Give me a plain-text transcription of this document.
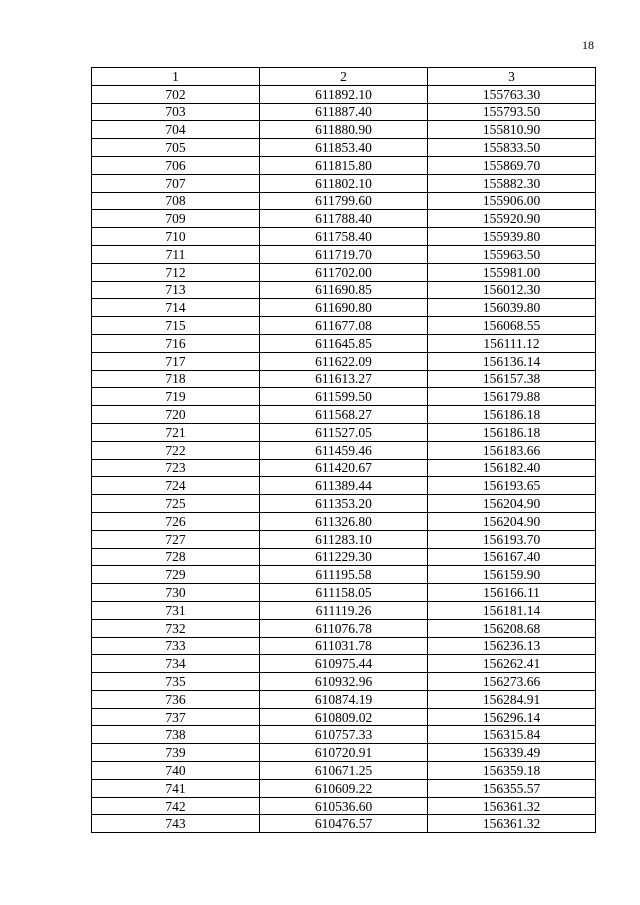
18
1	2	3
702	611892.10	155763.30
703	611887.40	155793.50
704	611880.90	155810.90
705	611853.40	155833.50
706	611815.80	155869.70
707	611802.10	155882.30
708	611799.60	155906.00
709	611788.40	155920.90
710	611758.40	155939.80
711	611719.70	155963.50
712	611702.00	155981.00
713	611690.85	156012.30
714	611690.80	156039.80
715	611677.08	156068.55
716	611645.85	156111.12
717	611622.09	156136.14
718	611613.27	156157.38
719	611599.50	156179.88
720	611568.27	156186.18
721	611527.05	156186.18
722	611459.46	156183.66
723	611420.67	156182.40
724	611389.44	156193.65
725	611353.20	156204.90
726	611326.80	156204.90
727	611283.10	156193.70
728	611229.30	156167.40
729	611195.58	156159.90
730	611158.05	156166.11
731	611119.26	156181.14
732	611076.78	156208.68
733	611031.78	156236.13
734	610975.44	156262.41
735	610932.96	156273.66
736	610874.19	156284.91
737	610809.02	156296.14
738	610757.33	156315.84
739	610720.91	156339.49
740	610671.25	156359.18
741	610609.22	156355.57
742	610536.60	156361.32
743	610476.57	156361.32
